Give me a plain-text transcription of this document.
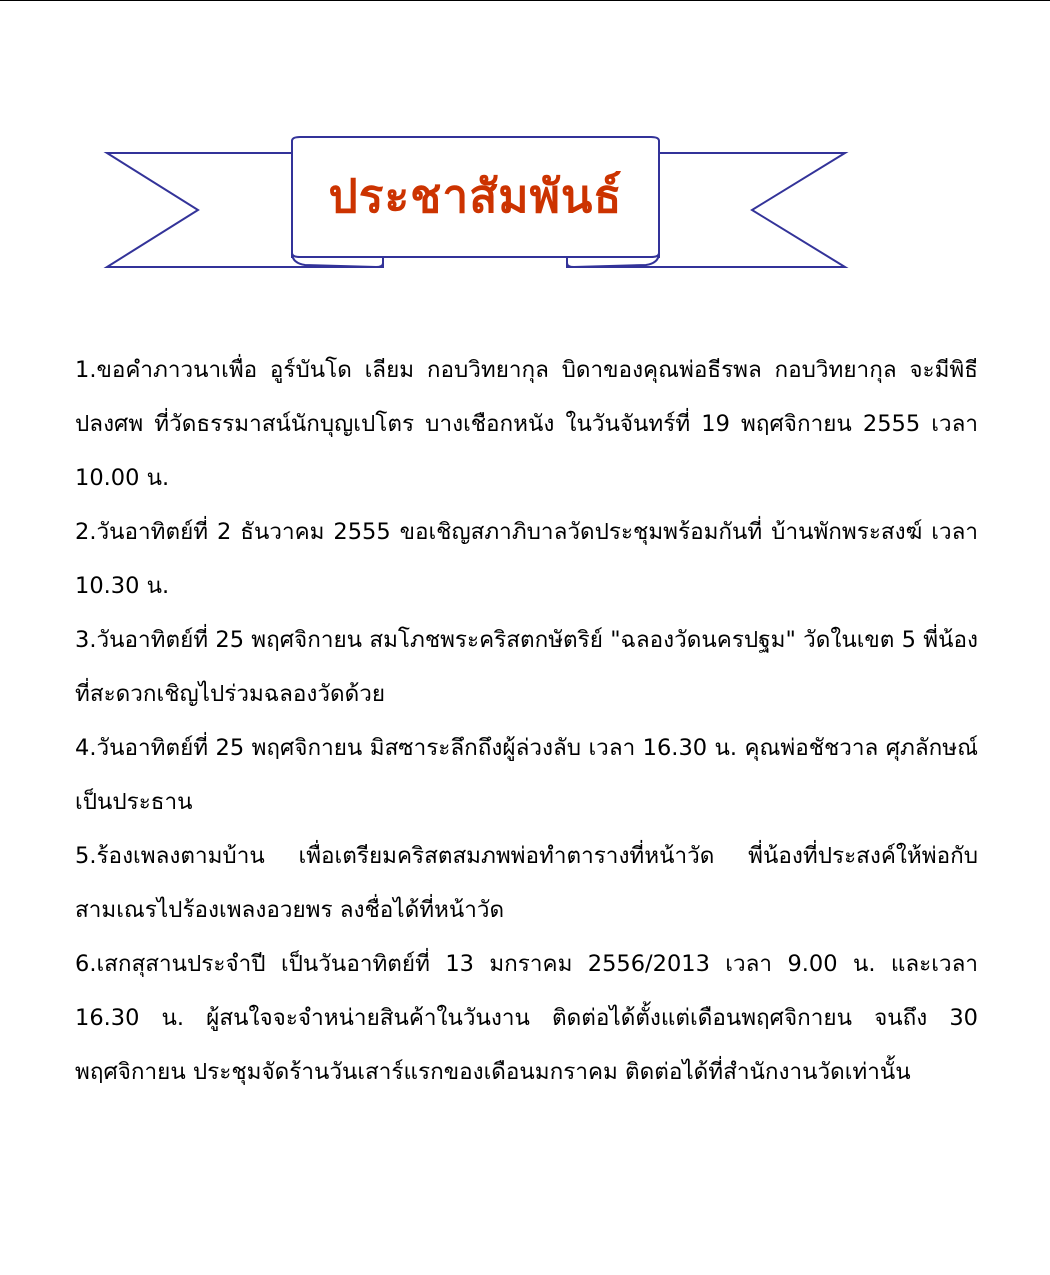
ประชาสัมพันธ์

1.ขอคำภาวนาเพื่อ อูร์บันโด เลียม กอบวิทยากุล บิดาของคุณพ่อธีรพล กอบวิทยากุล จะมีพิธีปลงศพ ที่วัดธรรมาสน์นักบุญเปโตร บางเชือกหนัง ในวันจันทร์ที่ 19 พฤศจิกายน 2555 เวลา 10.00 น.

2.วันอาทิตย์ที่ 2 ธันวาคม 2555 ขอเชิญสภาภิบาลวัดประชุมพร้อมกันที่ บ้านพักพระสงฆ์ เวลา 10.30 น.

3.วันอาทิตย์ที่ 25 พฤศจิกายน สมโภชพระคริสตกษัตริย์ "ฉลองวัดนครปฐม" วัดในเขต 5 พี่น้องที่สะดวกเชิญไปร่วมฉลองวัดด้วย

4.วันอาทิตย์ที่ 25 พฤศจิกายน มิสซาระลึกถึงผู้ล่วงลับ เวลา 16.30 น. คุณพ่อชัชวาล ศุภลักษณ์ เป็นประธาน

5.ร้องเพลงตามบ้าน เพื่อเตรียมคริสตสมภพพ่อทำตารางที่หน้าวัด พี่น้องที่ประสงค์ให้พ่อกับสามเณรไปร้องเพลงอวยพร ลงชื่อได้ที่หน้าวัด

6.เสกสุสานประจำปี เป็นวันอาทิตย์ที่ 13 มกราคม 2556/2013 เวลา 9.00 น. และเวลา 16.30 น. ผู้สนใจจะจำหน่ายสินค้าในวันงาน ติดต่อได้ตั้งแต่เดือนพฤศจิกายน จนถึง 30 พฤศจิกายน ประชุมจัดร้านวันเสาร์แรกของเดือนมกราคม ติดต่อได้ที่สำนักงานวัดเท่านั้น
